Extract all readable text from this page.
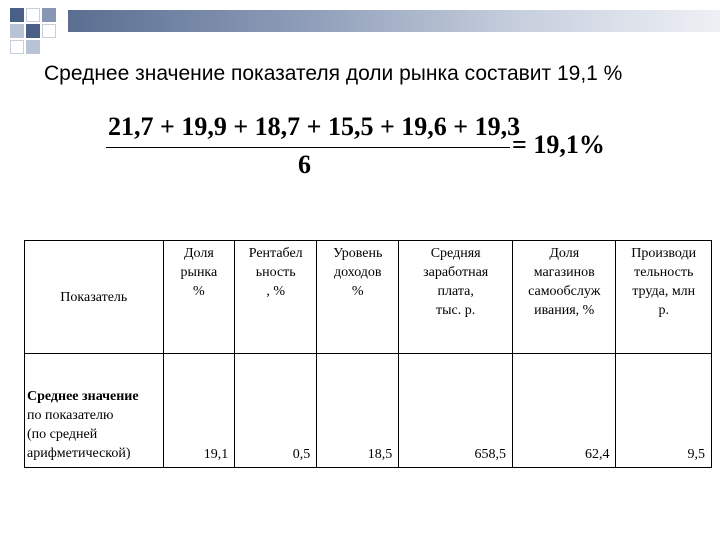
Среднее значение показателя доли рынка составит 19,1 %
21,7 + 19,9 + 18,7 + 15,5 + 19,6 + 19,3
6
= 19,1%
Показатель	Доля
рынка
%	Рентабел
ьность
, %	Уровень
доходов
%	Средняя
заработная
плата,
тыс. р.	Доля
магазинов
самообслуж
ивания, %	Производи
тельность
труда, млн
р.
Среднее значение
по показателю
(по средней
арифметической)	19,1	0,5	18,5	658,5	62,4	9,5
